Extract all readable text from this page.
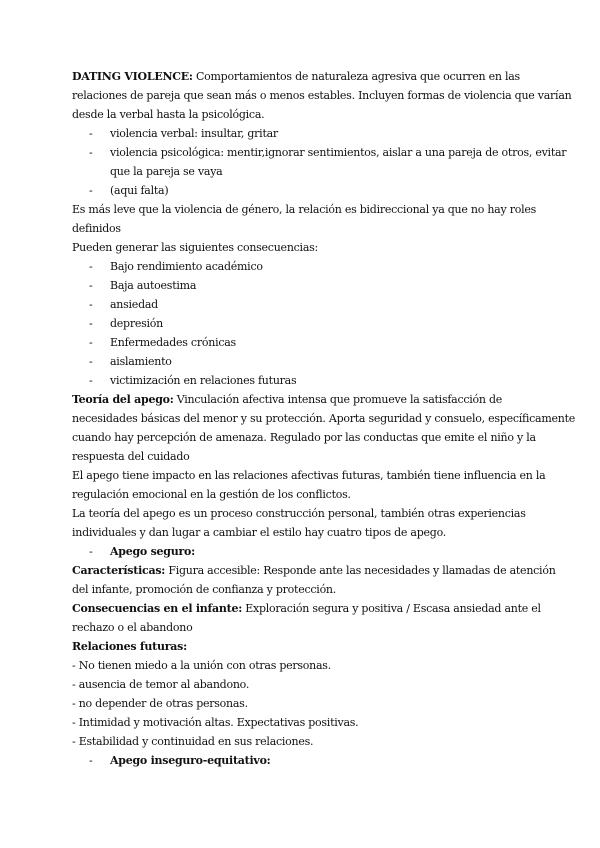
DATING VIOLENCE: Comportamientos de naturaleza agresiva que ocurren en las
relaciones de pareja que sean más o menos estables. Incluyen formas de violencia que varían
desde la verbal hasta la psicológica.
- violencia verbal: insultar, gritar
- violencia psicológica: mentir,ignorar sentimientos, aislar a una pareja de otros, evitar
que la pareja se vaya
- (aqui falta)
Es más leve que la violencia de género, la relación es bidireccional ya que no hay roles
definidos
Pueden generar las siguientes consecuencias:
- Bajo rendimiento académico
- Baja autoestima
- ansiedad
- depresión
- Enfermedades crónicas
- aislamiento
- victimización en relaciones futuras
Teoría del apego: Vinculación afectiva intensa que promueve la satisfacción de
necesidades básicas del menor y su protección. Aporta seguridad y consuelo, específicamente
cuando hay percepción de amenaza. Regulado por las conductas que emite el niño y la
respuesta del cuidado
El apego tiene impacto en las relaciones afectivas futuras, también tiene influencia en la
regulación emocional en la gestión de los conflictos.
La teoría del apego es un proceso construcción personal, también otras experiencias
individuales y dan lugar a cambiar el estilo hay cuatro tipos de apego.
- Apego seguro:
Características: Figura accesible: Responde ante las necesidades y llamadas de atención
del infante, promoción de confianza y protección.
Consecuencias en el infante: Exploración segura y positiva / Escasa ansiedad ante el
rechazo o el abandono
Relaciones futuras:
- No tienen miedo a la unión con otras personas.
- ausencia de temor al abandono.
- no depender de otras personas.
- Intimidad y motivación altas. Expectativas positivas.
- Estabilidad y continuidad en sus relaciones.
- Apego inseguro-equitativo:
